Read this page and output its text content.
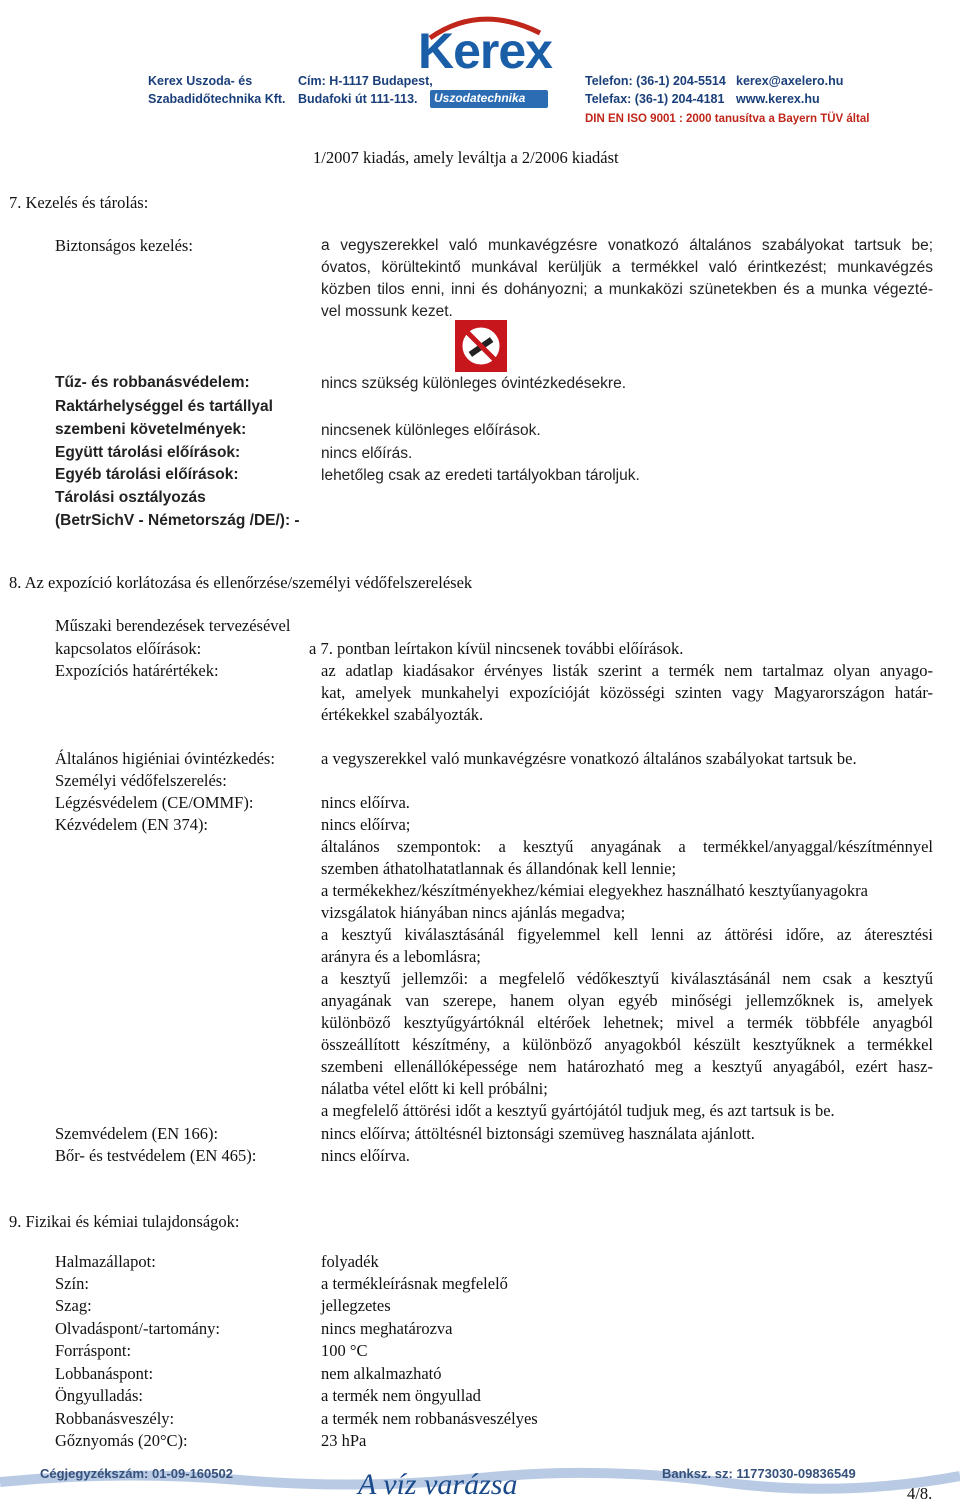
Kerex
Uszodatechnika
Kerex Uszoda- és
Szabadidőtechnika Kft.
Cím: H-1117 Budapest,
Budafoki út 111-113.
Telefon: (36-1) 204-5514
Telefax: (36-1) 204-4181
kerex@axelero.hu
www.kerex.hu
DIN EN ISO 9001 : 2000 tanusítva a Bayern TÜV által
1/2007 kiadás, amely leváltja a 2/2006 kiadást
7. Kezelés és tárolás:
Biztonságos kezelés:	a vegyszerekkel való munkavégzésre vonatkozó általános szabályokat tartsuk be;
óvatos, körültekintő munkával kerüljük a termékkel való érintkezést; munkavégzés
közben tilos enni, inni és dohányozni; a munkaközi szünetekben és a munka végezté-
vel mossunk kezet.
Tűz- és robbanásvédelem:	nincs szükség különleges óvintézkedésekre.
Raktárhelységgel és tartállyal
szembeni követelmények:	nincsenek különleges előírások.
Együtt tárolási előírások:	nincs előírás.
Egyéb tárolási előírások:	lehetőleg csak az eredeti tartályokban tároljuk.
Tárolási osztályozás
(BetrSichV - Németország /DE/): -
8. Az expozíció korlátozása és ellenőrzése/személyi védőfelszerelések
Műszaki berendezések tervezésével
kapcsolatos előírások:	a 7. pontban leírtakon kívül nincsenek további előírások.
Expozíciós határértékek:	az adatlap kiadásakor érvényes listák szerint a termék nem tartalmaz olyan anyago-
kat, amelyek munkahelyi expozícióját közösségi szinten vagy Magyarországon határ-
értékekkel szabályozták.
Általános higiéniai óvintézkedés:	a vegyszerekkel való munkavégzésre vonatkozó általános szabályokat tartsuk be.
Személyi védőfelszerelés:
Légzésvédelem (CE/OMMF):	nincs előírva.
Kézvédelem (EN 374):	nincs előírva;
általános szempontok: a kesztyű anyagának a termékkel/anyaggal/készítménnyel
szemben áthatolhatatlannak és állandónak kell lennie;
a termékekhez/készítményekhez/kémiai elegyekhez használható kesztyűanyagokra
vizsgálatok hiányában nincs ajánlás megadva;
a kesztyű kiválasztásánál figyelemmel kell lenni az áttörési időre, az áteresztési
arányra és a lebomlásra;
a kesztyű jellemzői: a megfelelő védőkesztyű kiválasztásánál nem csak a kesztyű
anyagának van szerepe, hanem olyan egyéb minőségi jellemzőknek is, amelyek
különböző kesztyűgyártóknál eltérőek lehetnek; mivel a termék többféle anyagból
összeállított készítmény, a különböző anyagokból készült kesztyűknek a termékkel
szembeni ellenállóképessége nem határozható meg a kesztyű anyagából, ezért hasz-
nálatba vétel előtt ki kell próbálni;
a megfelelő áttörési időt a kesztyű gyártójától tudjuk meg, és azt tartsuk is be.
Szemvédelem (EN 166):	nincs előírva; áttöltésnél biztonsági szemüveg használata ajánlott.
Bőr- és testvédelem (EN 465):	nincs előírva.
9. Fizikai és kémiai tulajdonságok:
Halmazállapot:	folyadék
Szín:	a termékleírásnak megfelelő
Szag:	jellegzetes
Olvadáspont/-tartomány:	nincs meghatározva
Forráspont:	100 °C
Lobbanáspont:	nem alkalmazható
Öngyulladás:	a termék nem öngyullad
Robbanásveszély:	a termék nem robbanásveszélyes
Gőznyomás (20°C):	23 hPa
Cégjegyzékszám: 01-09-160502	A víz varázsa	Banksz. sz: 11773030-09836549
4/8.
